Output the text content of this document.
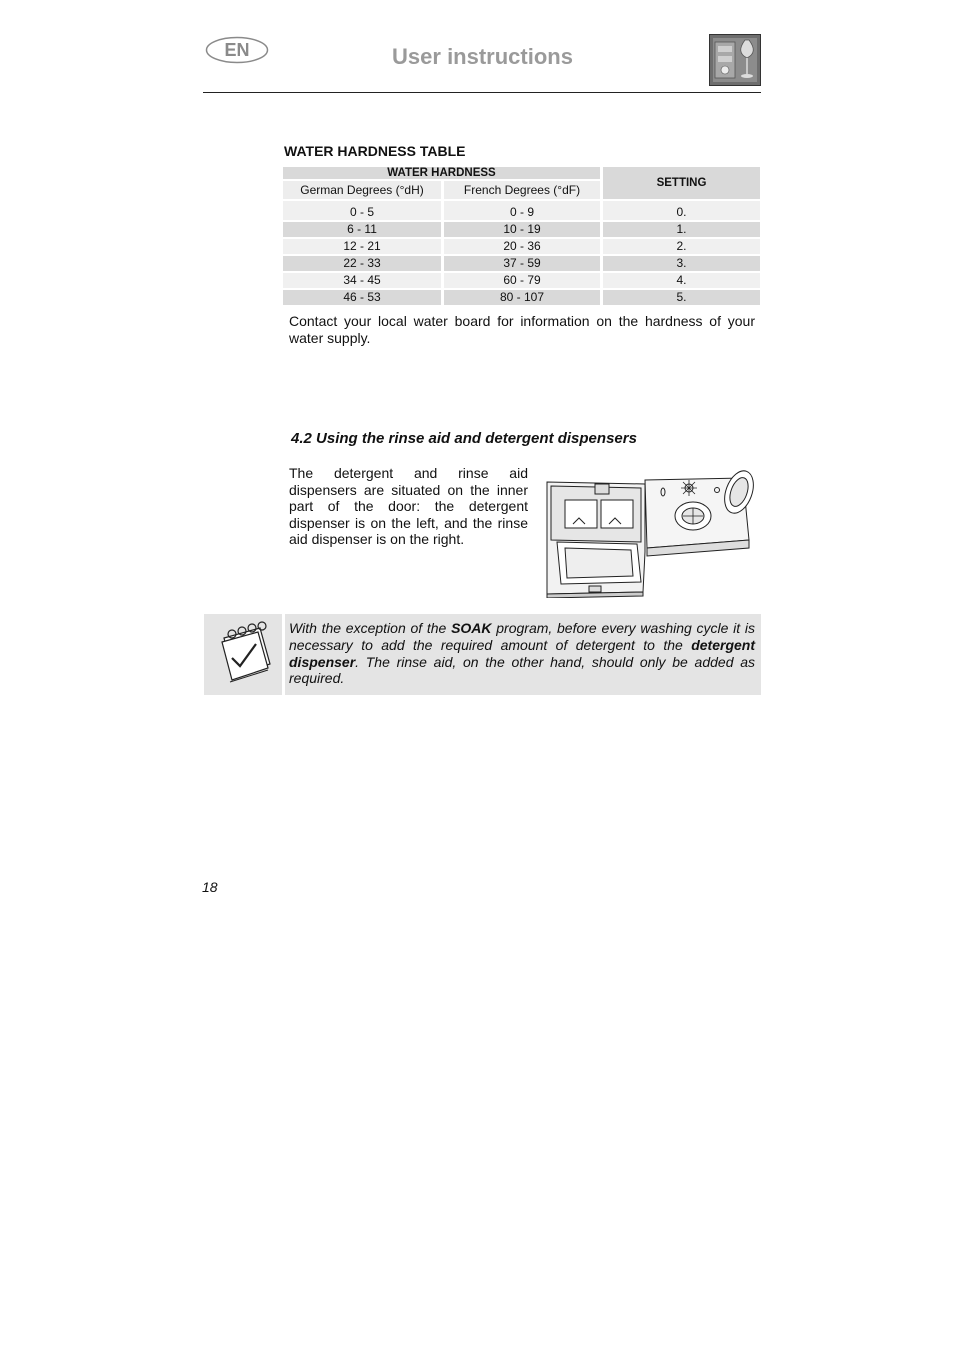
EN	User instructions
WATER HARDNESS TABLE
WATER HARDNESS		SETTING
German Degrees (°dH)	French Degrees (°dF)	
0 - 5	0 - 9	0.
6 - 11	10 - 19	1.
12 - 21	20 - 36	2.
22 - 33	37 - 59	3.
34 - 45	60 - 79	4.
46 - 53	80 - 107	5.
Contact your local water board for information on the hardness of your water supply.
4.2 Using the rinse aid and detergent dispensers
The detergent and rinse aid dispensers are situated on the inner part of the door: the detergent dispenser is on the left, and the rinse aid dispenser is on the right.
With the exception of the SOAK program, before every washing cycle it is necessary to add the required amount of detergent to the detergent dispenser. The rinse aid, on the other hand, should only be added as required.
18
